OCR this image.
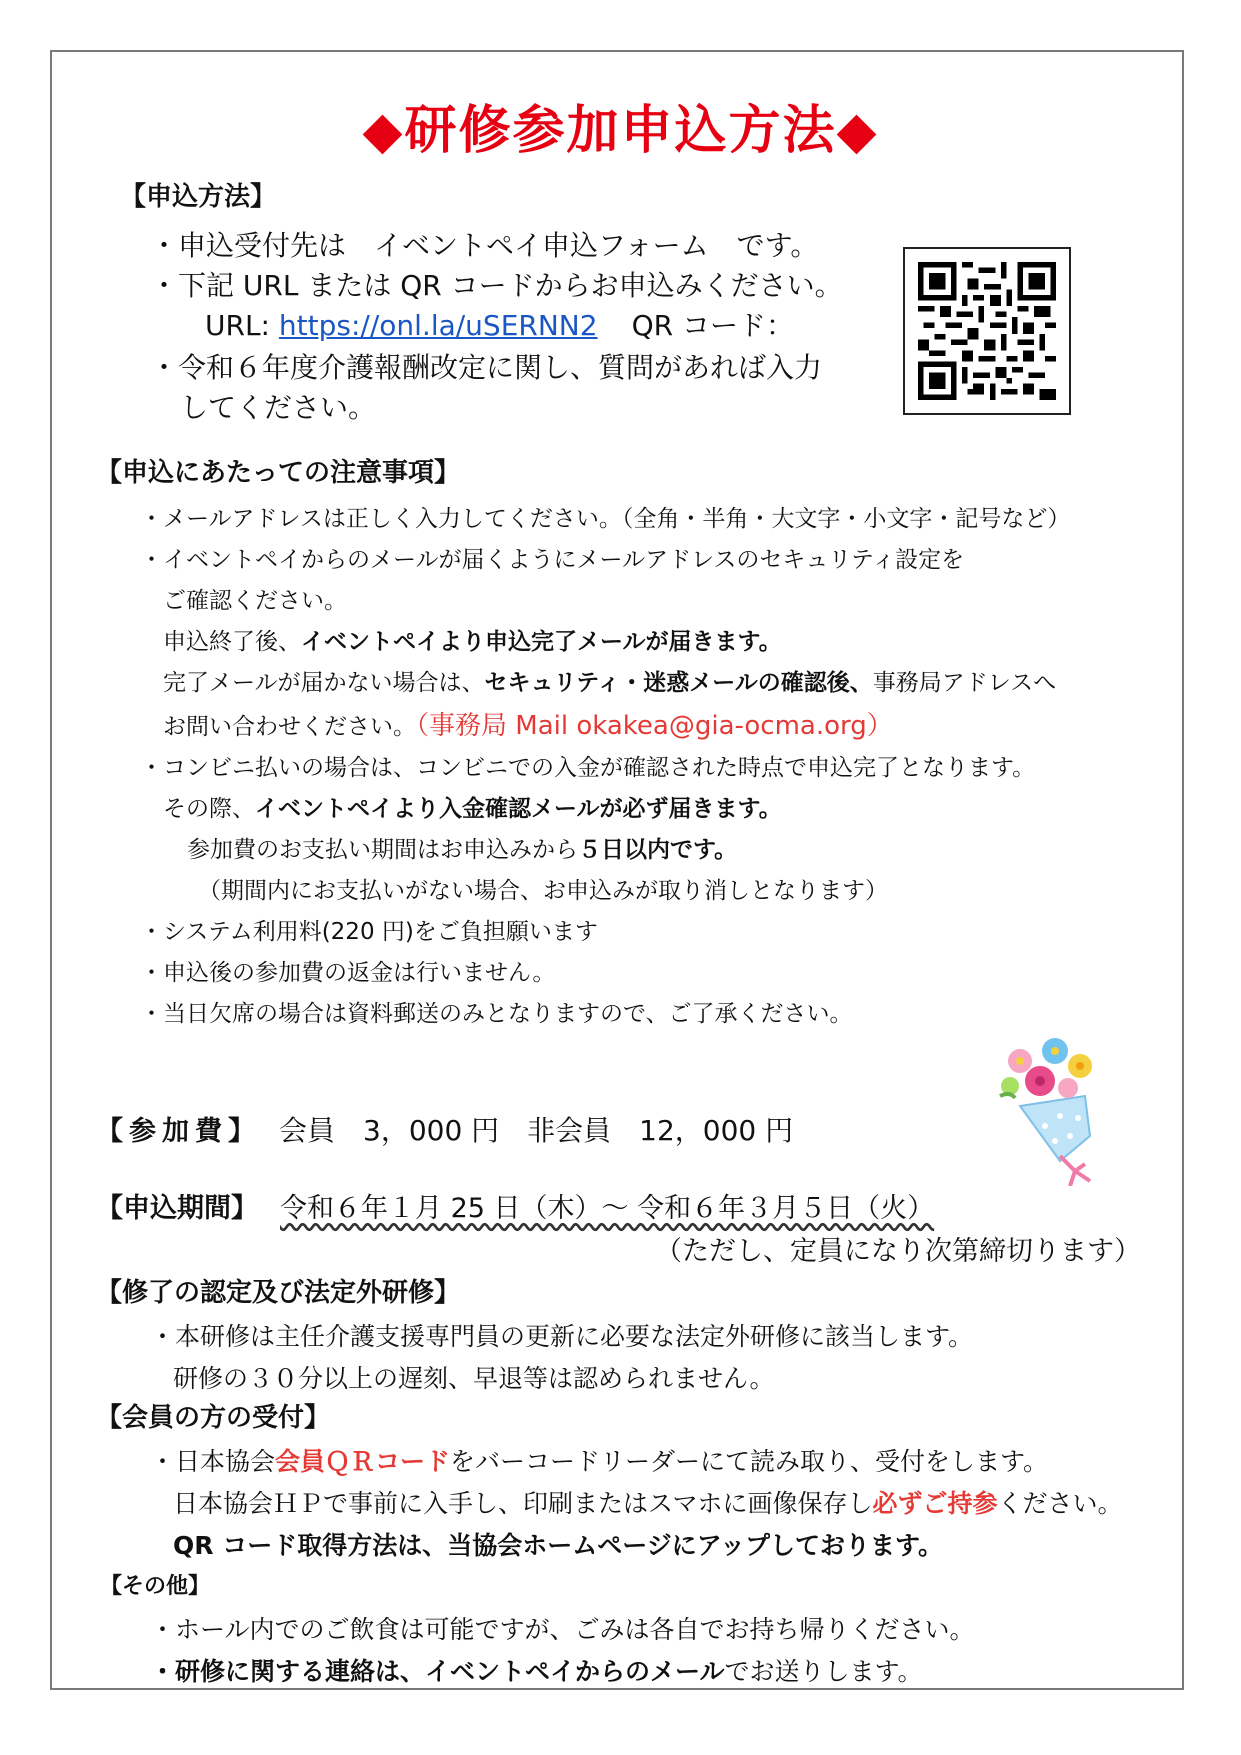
◆研修参加申込方法◆
【申込方法】
・申込受付先は　イベントペイ申込フォーム　です。
・下記 URL または QR コードからお申込みください。
URL: https://onl.la/uSERNN2 QR コード：
・令和６年度介護報酬改定に関し、質問があれば入力
してください。
【申込にあたっての注意事項】
・メールアドレスは正しく入力してください。（全角・半角・大文字・小文字・記号など）
・イベントペイからのメールが届くようにメールアドレスのセキュリティ設定を
ご確認ください。
申込終了後、イベントペイより申込完了メールが届きます。
完了メールが届かない場合は、セキュリティ・迷惑メールの確認後、事務局アドレスへ
お問い合わせください。（事務局 Mail okakea@gia-ocma.org）
・コンビニ払いの場合は、コンビニでの入金が確認された時点で申込完了となります。
その際、イベントペイより入金確認メールが必ず届きます。
参加費のお支払い期間はお申込みから５日以内です。
（期間内にお支払いがない場合、お申込みが取り消しとなります）
・システム利用料(220 円)をご負担願います
・申込後の参加費の返金は行いません。
・当日欠席の場合は資料郵送のみとなりますので、ご了承ください。
【参加費】 会員　3，000 円　非会員　12，000 円
【申込期間】 令和６年１月 25 日（木）～ 令和６年３月５日（火）
（ただし、定員になり次第締切ります）
【修了の認定及び法定外研修】
・本研修は主任介護支援専門員の更新に必要な法定外研修に該当します。
研修の３０分以上の遅刻、早退等は認められません。
【会員の方の受付】
・日本協会会員ＱＲコードをバーコードリーダーにて読み取り、受付をします。
日本協会ＨＰで事前に入手し、印刷またはスマホに画像保存し必ずご持参ください。
QR コード取得方法は、当協会ホームページにアップしております。
【その他】
・ホール内でのご飲食は可能ですが、ごみは各自でお持ち帰りください。
・研修に関する連絡は、イベントペイからのメールでお送りします。
